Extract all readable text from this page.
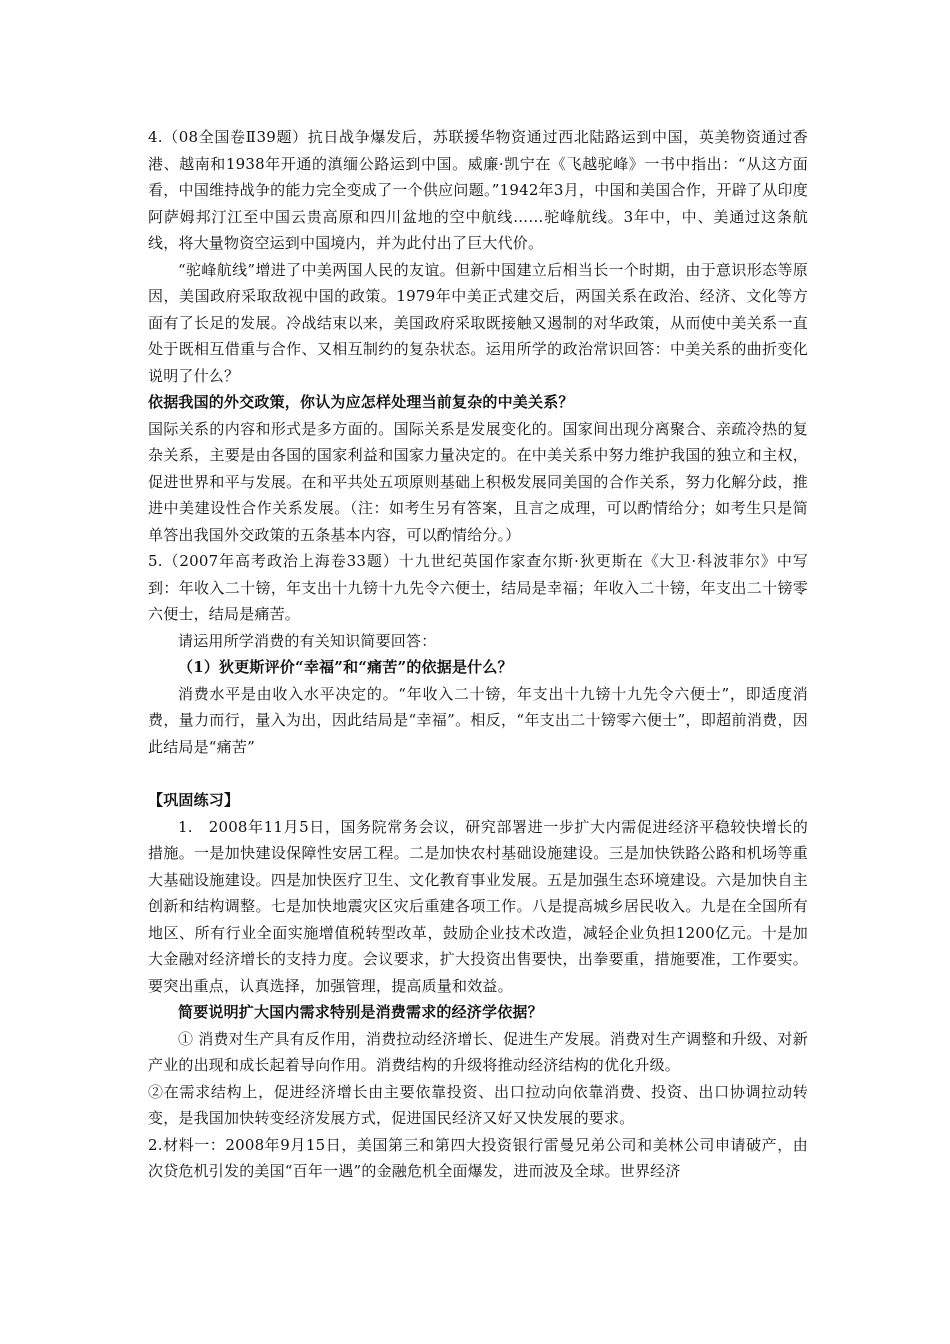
4.（08全国卷Ⅱ39题）抗日战争爆发后，苏联援华物资通过西北陆路运到中国，英美物资通过香港、越南和1938年开通的滇缅公路运到中国。威廉·凯宁在《飞越驼峰》一书中指出：“从这方面看，中国维持战争的能力完全变成了一个供应问题。”1942年3月，中国和美国合作，开辟了从印度阿萨姆邦汀江至中国云贵高原和四川盆地的空中航线……驼峰航线。3年中，中、美通过这条航线，将大量物资空运到中国境内，并为此付出了巨大代价。

“驼峰航线”增进了中美两国人民的友谊。但新中国建立后相当长一个时期，由于意识形态等原因，美国政府采取敌视中国的政策。1979年中美正式建交后，两国关系在政治、经济、文化等方面有了长足的发展。冷战结束以来，美国政府采取既接触又遏制的对华政策，从而使中美关系一直处于既相互借重与合作、又相互制约的复杂状态。运用所学的政治常识回答：中美关系的曲折变化说明了什么？

依据我国的外交政策，你认为应怎样处理当前复杂的中美关系？

国际关系的内容和形式是多方面的。国际关系是发展变化的。国家间出现分离聚合、亲疏冷热的复杂关系，主要是由各国的国家利益和国家力量决定的。在中美关系中努力维护我国的独立和主权，促进世界和平与发展。在和平共处五项原则基础上积极发展同美国的合作关系，努力化解分歧，推进中美建设性合作关系发展。（注：如考生另有答案，且言之成理，可以酌情给分；如考生只是简单答出我国外交政策的五条基本内容，可以酌情给分。）

5.（2007年高考政治上海卷33题）十九世纪英国作家查尔斯·狄更斯在《大卫·科波菲尔》中写到：年收入二十镑，年支出十九镑十九先令六便士，结局是幸福；年收入二十镑，年支出二十镑零六便士，结局是痛苦。

请运用所学消费的有关知识简要回答：

（1）狄更斯评价“幸福”和“痛苦”的依据是什么？

消费水平是由收入水平决定的。“年收入二十镑，年支出十九镑十九先令六便士”，即适度消费，量力而行，量入为出，因此结局是“幸福”。相反，“年支出二十镑零六便士”，即超前消费，因此结局是“痛苦”

【巩固练习】

1.　2008年11月5日，国务院常务会议，研究部署进一步扩大内需促进经济平稳较快增长的措施。一是加快建设保障性安居工程。二是加快农村基础设施建设。三是加快铁路公路和机场等重大基础设施建设。四是加快医疗卫生、文化教育事业发展。五是加强生态环境建设。六是加快自主创新和结构调整。七是加快地震灾区灾后重建各项工作。八是提高城乡居民收入。九是在全国所有地区、所有行业全面实施增值税转型改革，鼓励企业技术改造，减轻企业负担1200亿元。十是加大金融对经济增长的支持力度。会议要求，扩大投资出售要快，出拳要重，措施要准，工作要实。要突出重点，认真选择，加强管理，提高质量和效益。

简要说明扩大国内需求特别是消费需求的经济学依据？

① 消费对生产具有反作用，消费拉动经济增长、促进生产发展。消费对生产调整和升级、对新产业的出现和成长起着导向作用。消费结构的升级将推动经济结构的优化升级。

②在需求结构上，促进经济增长由主要依靠投资、出口拉动向依靠消费、投资、出口协调拉动转变，是我国加快转变经济发展方式，促进国民经济又好又快发展的要求。

2.材料一：2008年9月15日，美国第三和第四大投资银行雷曼兄弟公司和美林公司申请破产，由次贷危机引发的美国“百年一遇”的金融危机全面爆发，进而波及全球。世界经济
